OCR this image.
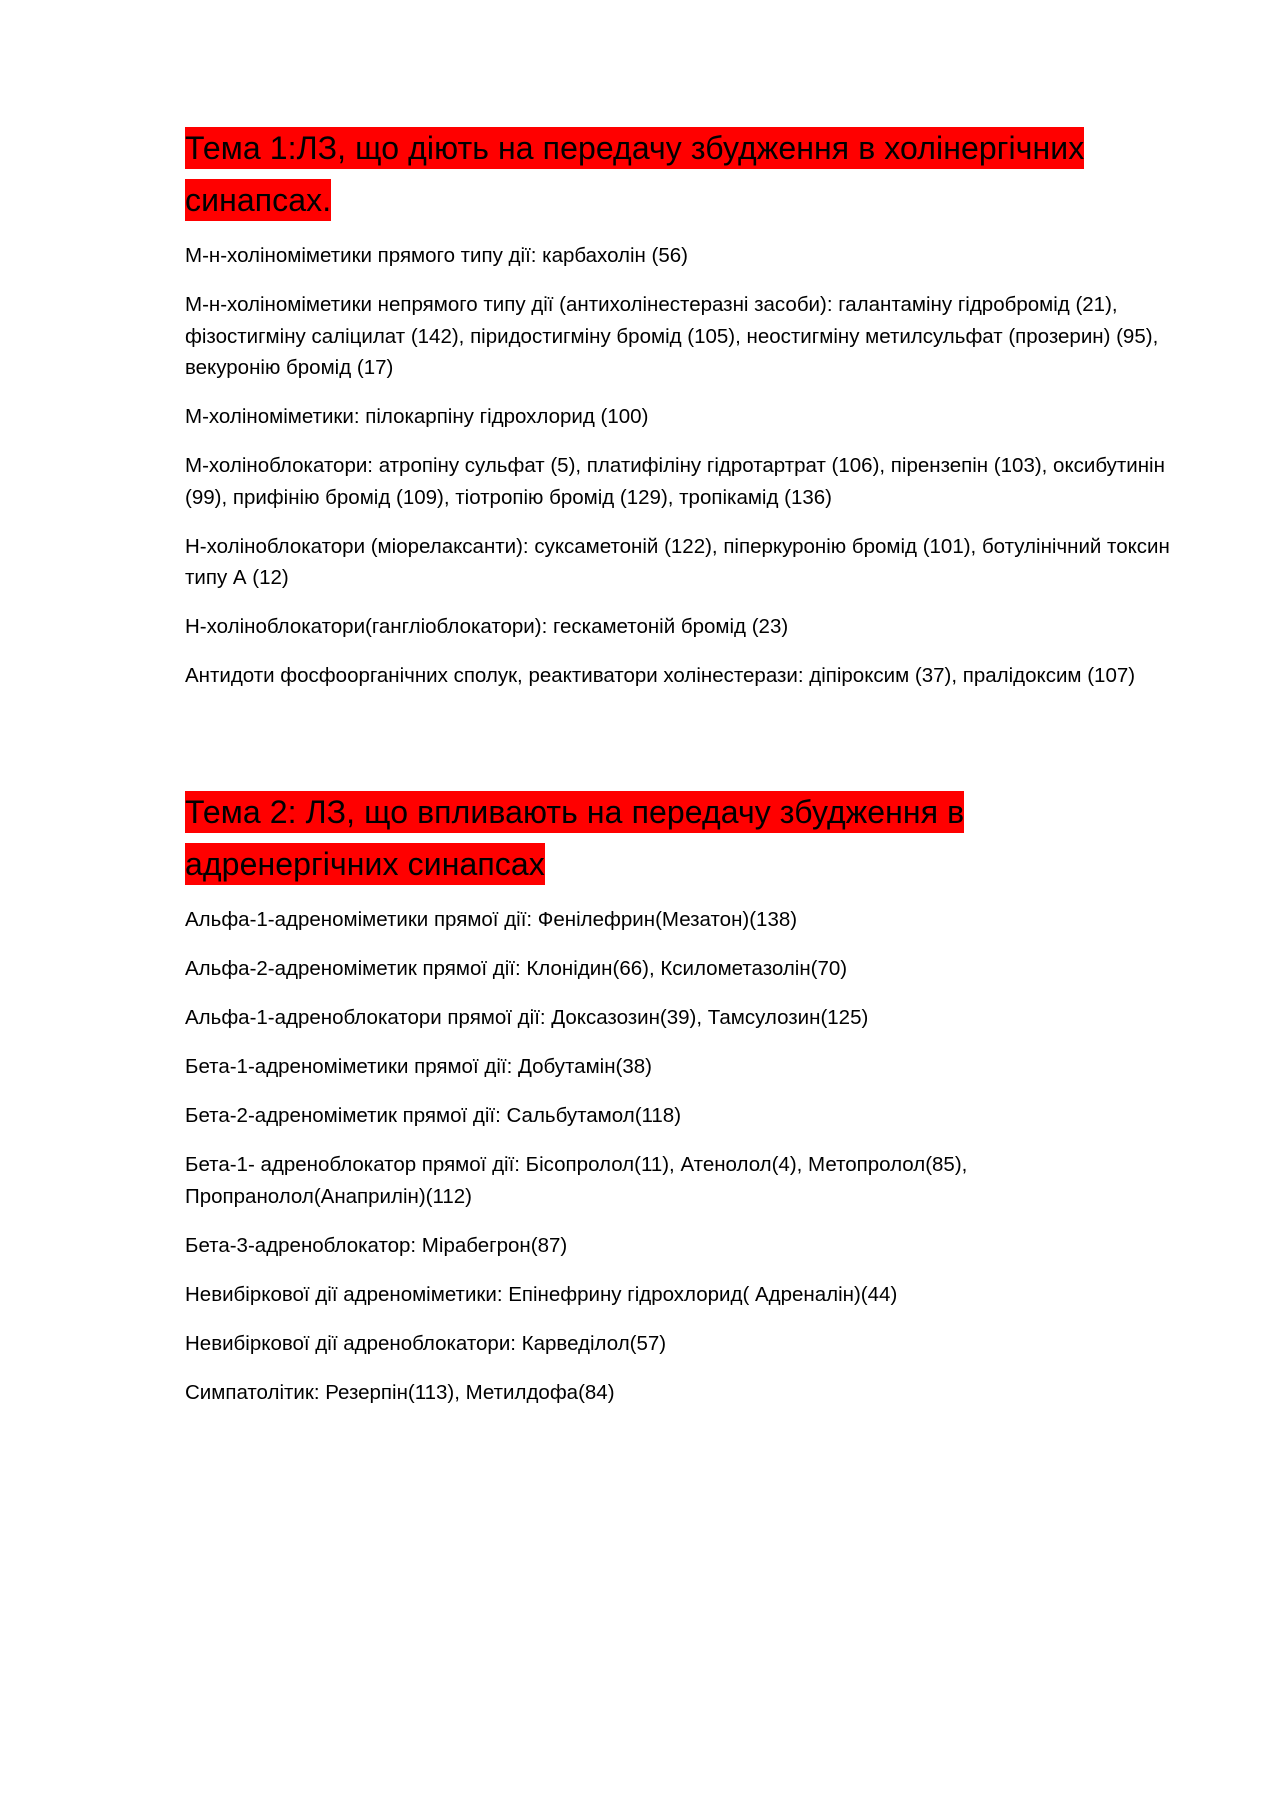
Тема 1:ЛЗ, що діють на передачу збудження в холінергічних синапсах.

М-н-холіноміметики прямого типу дії: карбахолін (56)

М-н-холіноміметики непрямого типу дії (антихолінестеразні засоби): галантаміну гідробромід (21), фізостигміну саліцилат (142), піридостигміну бромід (105), неостигміну метилсульфат (прозерин) (95), векуронію бромід (17)

М-холіноміметики: пілокарпіну гідрохлорид (100)

М-холіноблокатори: атропіну сульфат (5), платифіліну гідротартрат (106), пірензепін (103), оксибутинін (99), прифінію бромід (109), тіотропію бромід (129), тропікамід (136)

Н-холіноблокатори (міорелаксанти): суксаметоній (122), піперкуронію бромід (101), ботулінічний токсин типу А (12)

Н-холіноблокатори(гангліоблокатори): гескаметоній бромід (23)

Антидоти фосфоорганічних сполук, реактиватори холінестерази: діпіроксим (37), пралідоксим (107)

Тема 2: ЛЗ, що впливають на передачу збудження в адренергічних синапсах

Альфа-1-адреноміметики прямої дії: Фенілефрин(Мезатон)(138)

Альфа-2-адреноміметик прямої дії: Клонідин(66), Ксилометазолін(70)

Альфа-1-адреноблокатори прямої дії: Доксазозин(39), Тамсулозин(125)

Бета-1-адреноміметики прямої дії: Добутамін(38)

Бета-2-адреноміметик прямої дії: Сальбутамол(118)

Бета-1- адреноблокатор прямої дії: Бісопролол(11), Атенолол(4), Метопролол(85), Пропранолол(Анаприлін)(112)

Бета-3-адреноблокатор: Мірабегрон(87)

Невибіркової дії адреноміметики: Епінефрину гідрохлорид( Адреналін)(44)

Невибіркової дії адреноблокатори: Карведілол(57)

Симпатолітик: Резерпін(113), Метилдофа(84)
